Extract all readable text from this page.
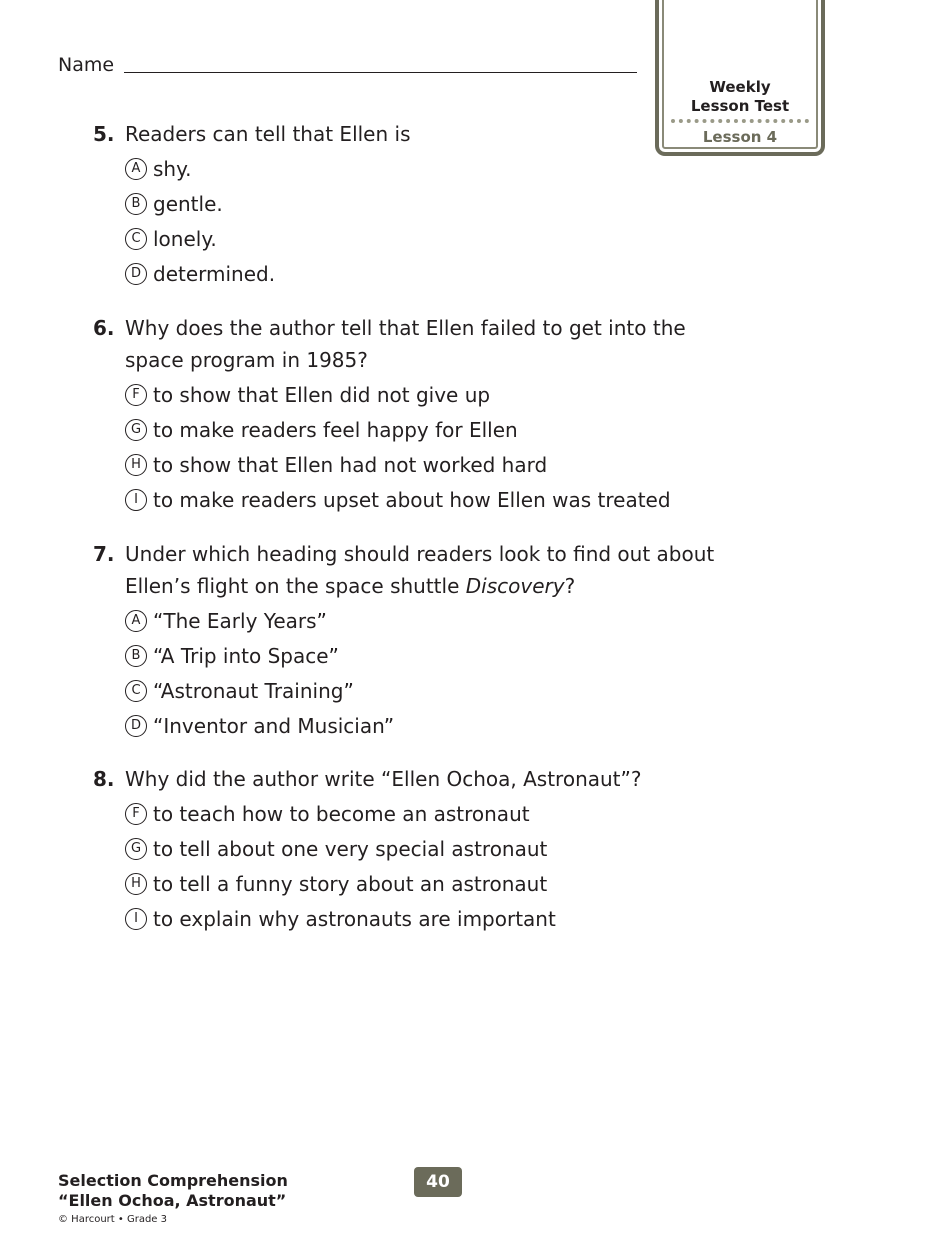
Name
Weekly
Lesson Test
Lesson 4
5. Readers can tell that Ellen is
A shy.
B gentle.
C lonely.
D determined.
6. Why does the author tell that Ellen failed to get into the
space program in 1985?
F to show that Ellen did not give up
G to make readers feel happy for Ellen
H to show that Ellen had not worked hard
I to make readers upset about how Ellen was treated
7. Under which heading should readers look to find out about
Ellen’s flight on the space shuttle Discovery?
A “The Early Years”
B “A Trip into Space”
C “Astronaut Training”
D “Inventor and Musician”
8. Why did the author write “Ellen Ochoa, Astronaut”?
F to teach how to become an astronaut
G to tell about one very special astronaut
H to tell a funny story about an astronaut
I to explain why astronauts are important
Selection Comprehension
“Ellen Ochoa, Astronaut”
© Harcourt • Grade 3
40
